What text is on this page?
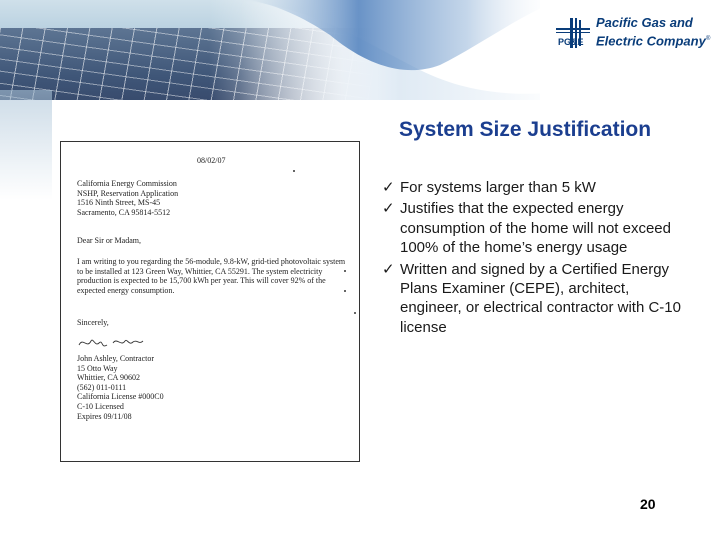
PG&E
Pacific Gas and
Electric Company®
System Size Justification
08/02/07
California Energy Commission
NSHP, Reservation Application
1516 Ninth Street, MS-45
Sacramento, CA 95814-5512
Dear Sir or Madam,
I am writing to you regarding the 56-module, 9.8-kW, grid-tied photovoltaic system to be installed at 123 Green Way, Whittier, CA 55291. The system electricity production is expected to be 15,700 kWh per year. This will cover 92% of the expected energy consumption.
Sincerely,
John Ashley, Contractor
15 Otto Way
Whittier, CA 90602
(562) 011-0111
California License #000C0
C-10 Licensed
Expires 09/11/08
✓ For systems larger than 5 kW
✓ Justifies that the expected energy consumption of the home will not exceed 100% of the home’s energy usage
✓ Written and signed by a Certified Energy Plans Examiner (CEPE), architect, engineer, or electrical contractor with C-10 license
20
